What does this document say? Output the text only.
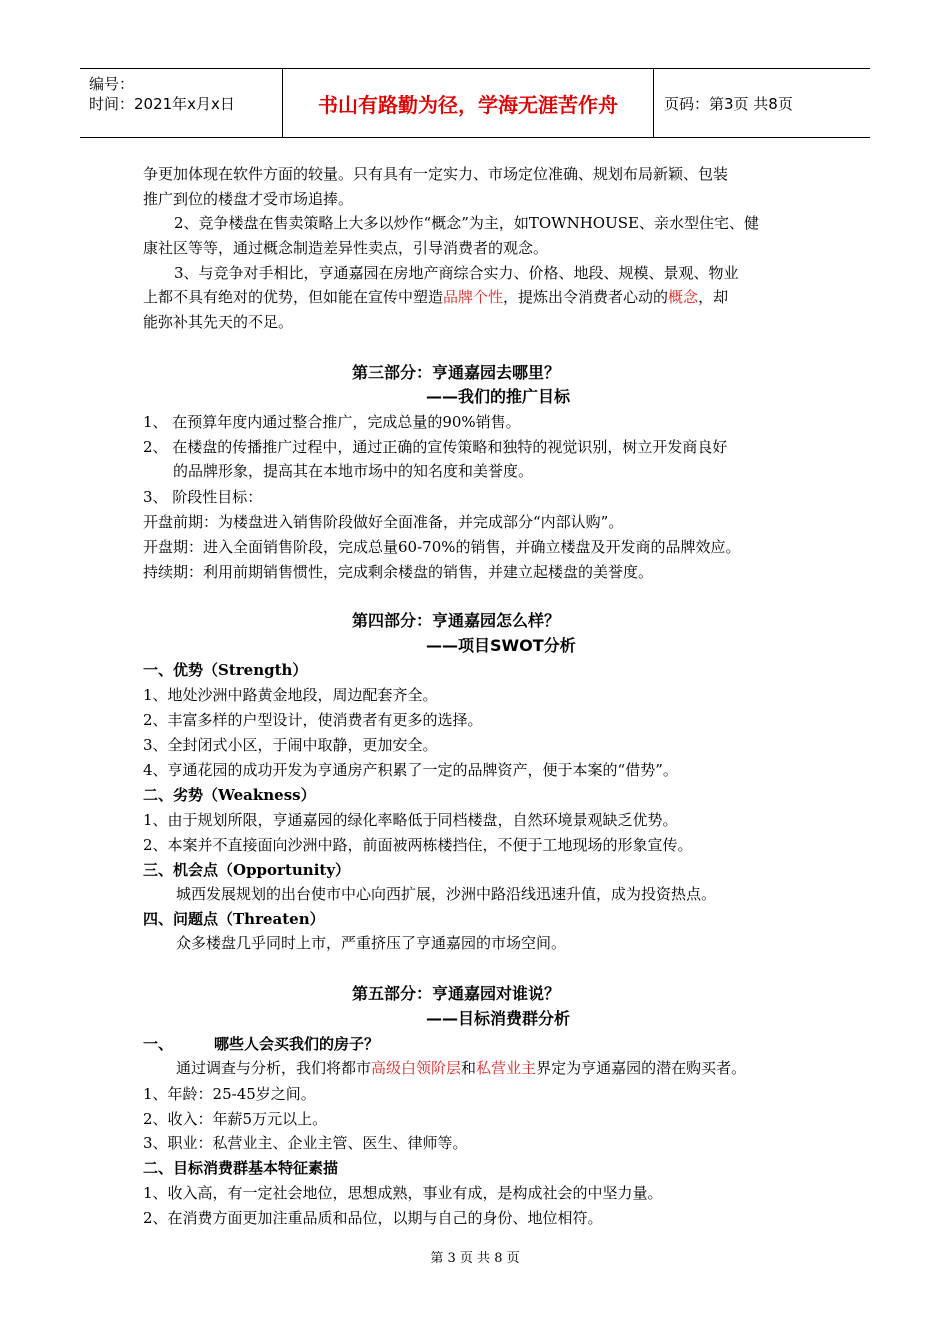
编号：
时间：2021年x月x日	书山有路勤为径，学海无涯苦作舟	页码：第3页 共8页
争更加体现在软件方面的较量。只有具有一定实力、市场定位准确、规划布局新颖、包装
推广到位的楼盘才受市场追捧。
2、竞争楼盘在售卖策略上大多以炒作“概念”为主，如TOWNHOUSE、亲水型住宅、健
康社区等等，通过概念制造差异性卖点，引导消费者的观念。
3、与竞争对手相比，亨通嘉园在房地产商综合实力、价格、地段、规模、景观、物业
上都不具有绝对的优势，但如能在宣传中塑造品牌个性，提炼出令消费者心动的概念，却
能弥补其先天的不足。
第三部分：亨通嘉园去哪里？
——我们的推广目标
1、 在预算年度内通过整合推广，完成总量的90%销售。
2、 在楼盘的传播推广过程中，通过正确的宣传策略和独特的视觉识别，树立开发商良好
的品牌形象，提高其在本地市场中的知名度和美誉度。
3、 阶段性目标：
开盘前期：为楼盘进入销售阶段做好全面准备，并完成部分“内部认购”。
开盘期：进入全面销售阶段，完成总量60-70%的销售，并确立楼盘及开发商的品牌效应。
持续期：利用前期销售惯性，完成剩余楼盘的销售，并建立起楼盘的美誉度。
第四部分：亨通嘉园怎么样？
——项目SWOT分析
一、优势（Strength）
1、地处沙洲中路黄金地段，周边配套齐全。
2、丰富多样的户型设计，使消费者有更多的选择。
3、全封闭式小区，于闹中取静，更加安全。
4、亨通花园的成功开发为亨通房产积累了一定的品牌资产，便于本案的“借势”。
二、劣势（Weakness）
1、由于规划所限，亨通嘉园的绿化率略低于同档楼盘，自然环境景观缺乏优势。
2、本案并不直接面向沙洲中路，前面被两栋楼挡住，不便于工地现场的形象宣传。
三、机会点（Opportunity）
城西发展规划的出台使市中心向西扩展，沙洲中路沿线迅速升值，成为投资热点。
四、问题点（Threaten）
众多楼盘几乎同时上市，严重挤压了亨通嘉园的市场空间。
第五部分：亨通嘉园对谁说？
——目标消费群分析
一、	哪些人会买我们的房子？
通过调查与分析，我们将都市高级白领阶层和私营业主界定为亨通嘉园的潜在购买者。
1、年龄：25-45岁之间。
2、收入：年薪5万元以上。
3、职业：私营业主、企业主管、医生、律师等。
二、目标消费群基本特征素描
1、收入高，有一定社会地位，思想成熟，事业有成，是构成社会的中坚力量。
2、在消费方面更加注重品质和品位，以期与自己的身份、地位相符。
第 3 页 共 8 页
